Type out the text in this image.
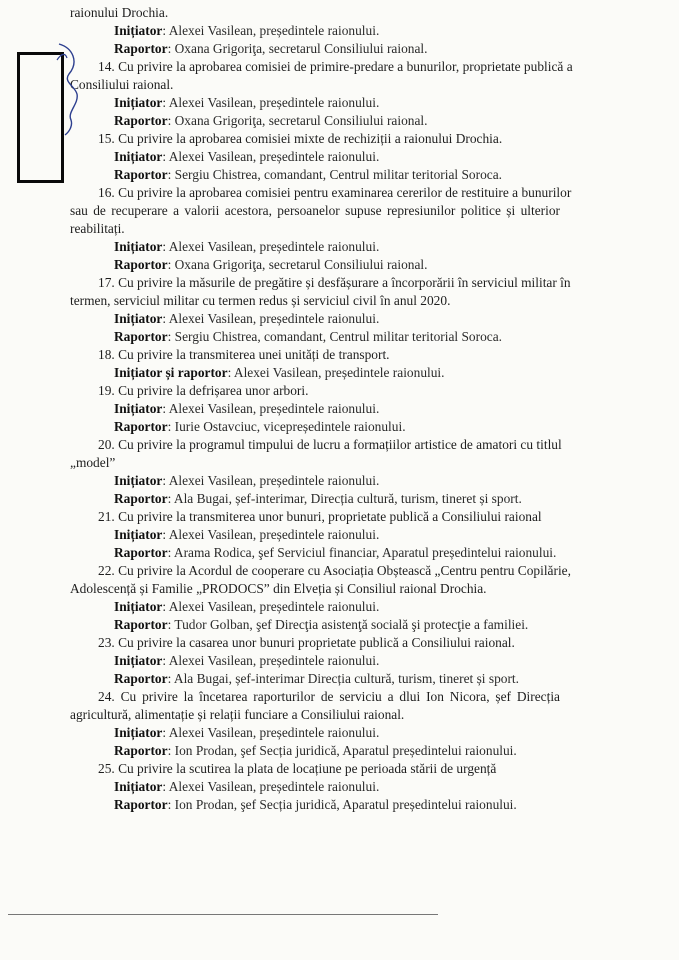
raionului Drochia.
Inițiator: Alexei Vasilean, președintele raionului.
Raportor: Oxana Grigoriţa, secretarul Consiliului raional.
14. Cu privire la aprobarea comisiei de primire-predare a bunurilor, proprietate publică a
Consiliului raional.
Inițiator: Alexei Vasilean, președintele raionului.
Raportor: Oxana Grigoriţa, secretarul Consiliului raional.
15. Cu privire la aprobarea comisiei mixte de rechiziții a raionului Drochia.
Inițiator: Alexei Vasilean, președintele raionului.
Raportor: Sergiu Chistrea, comandant, Centrul militar teritorial Soroca.
16. Cu privire la aprobarea comisiei pentru examinarea cererilor de restituire a bunurilor
sau de recuperare a valorii acestora, persoanelor supuse represiunilor politice și ulterior
reabilitați.
Inițiator: Alexei Vasilean, președintele raionului.
Raportor: Oxana Grigoriţa, secretarul Consiliului raional.
17. Cu privire la măsurile de pregătire și desfășurare a încorporării în serviciul militar în
termen, serviciul militar cu termen redus și serviciul civil în anul 2020.
Inițiator: Alexei Vasilean, președintele raionului.
Raportor: Sergiu Chistrea, comandant, Centrul militar teritorial Soroca.
18. Cu privire la transmiterea unei unități de transport.
Inițiator și raportor: Alexei Vasilean, președintele raionului.
19. Cu privire la defrișarea unor arbori.
Inițiator: Alexei Vasilean, președintele raionului.
Raportor: Iurie Ostavciuc, vicepreședintele raionului.
20. Cu privire la programul timpului de lucru a formațiilor artistice de amatori cu titlul
„model”
Inițiator: Alexei Vasilean, președintele raionului.
Raportor: Ala Bugai, șef-interimar, Direcția cultură, turism, tineret și sport.
21. Cu privire la transmiterea unor bunuri, proprietate publică a Consiliului raional
Inițiator: Alexei Vasilean, președintele raionului.
Raportor: Arama Rodica, şef Serviciul financiar, Aparatul președintelui raionului.
22. Cu privire la Acordul de cooperare cu Asociația Obștească „Centru pentru Copilărie,
Adolescență și Familie „PRODOCS” din Elveția și Consiliul raional Drochia.
Inițiator: Alexei Vasilean, președintele raionului.
Raportor: Tudor Golban, şef Direcţia asistenţă socială şi protecţie a familiei.
23. Cu privire la casarea unor bunuri proprietate publică a Consiliului raional.
Inițiator: Alexei Vasilean, președintele raionului.
Raportor: Ala Bugai, șef-interimar Direcția cultură, turism, tineret și sport.
24. Cu privire la încetarea raporturilor de serviciu a dlui Ion Nicora, șef Direcția
agricultură, alimentație și relații funciare a Consiliului raional.
Inițiator: Alexei Vasilean, președintele raionului.
Raportor: Ion Prodan, şef Secția juridică, Aparatul președintelui raionului.
25. Cu privire la scutirea la plata de locațiune pe perioada stării de urgență
Inițiator: Alexei Vasilean, președintele raionului.
Raportor: Ion Prodan, şef Secția juridică, Aparatul președintelui raionului.
